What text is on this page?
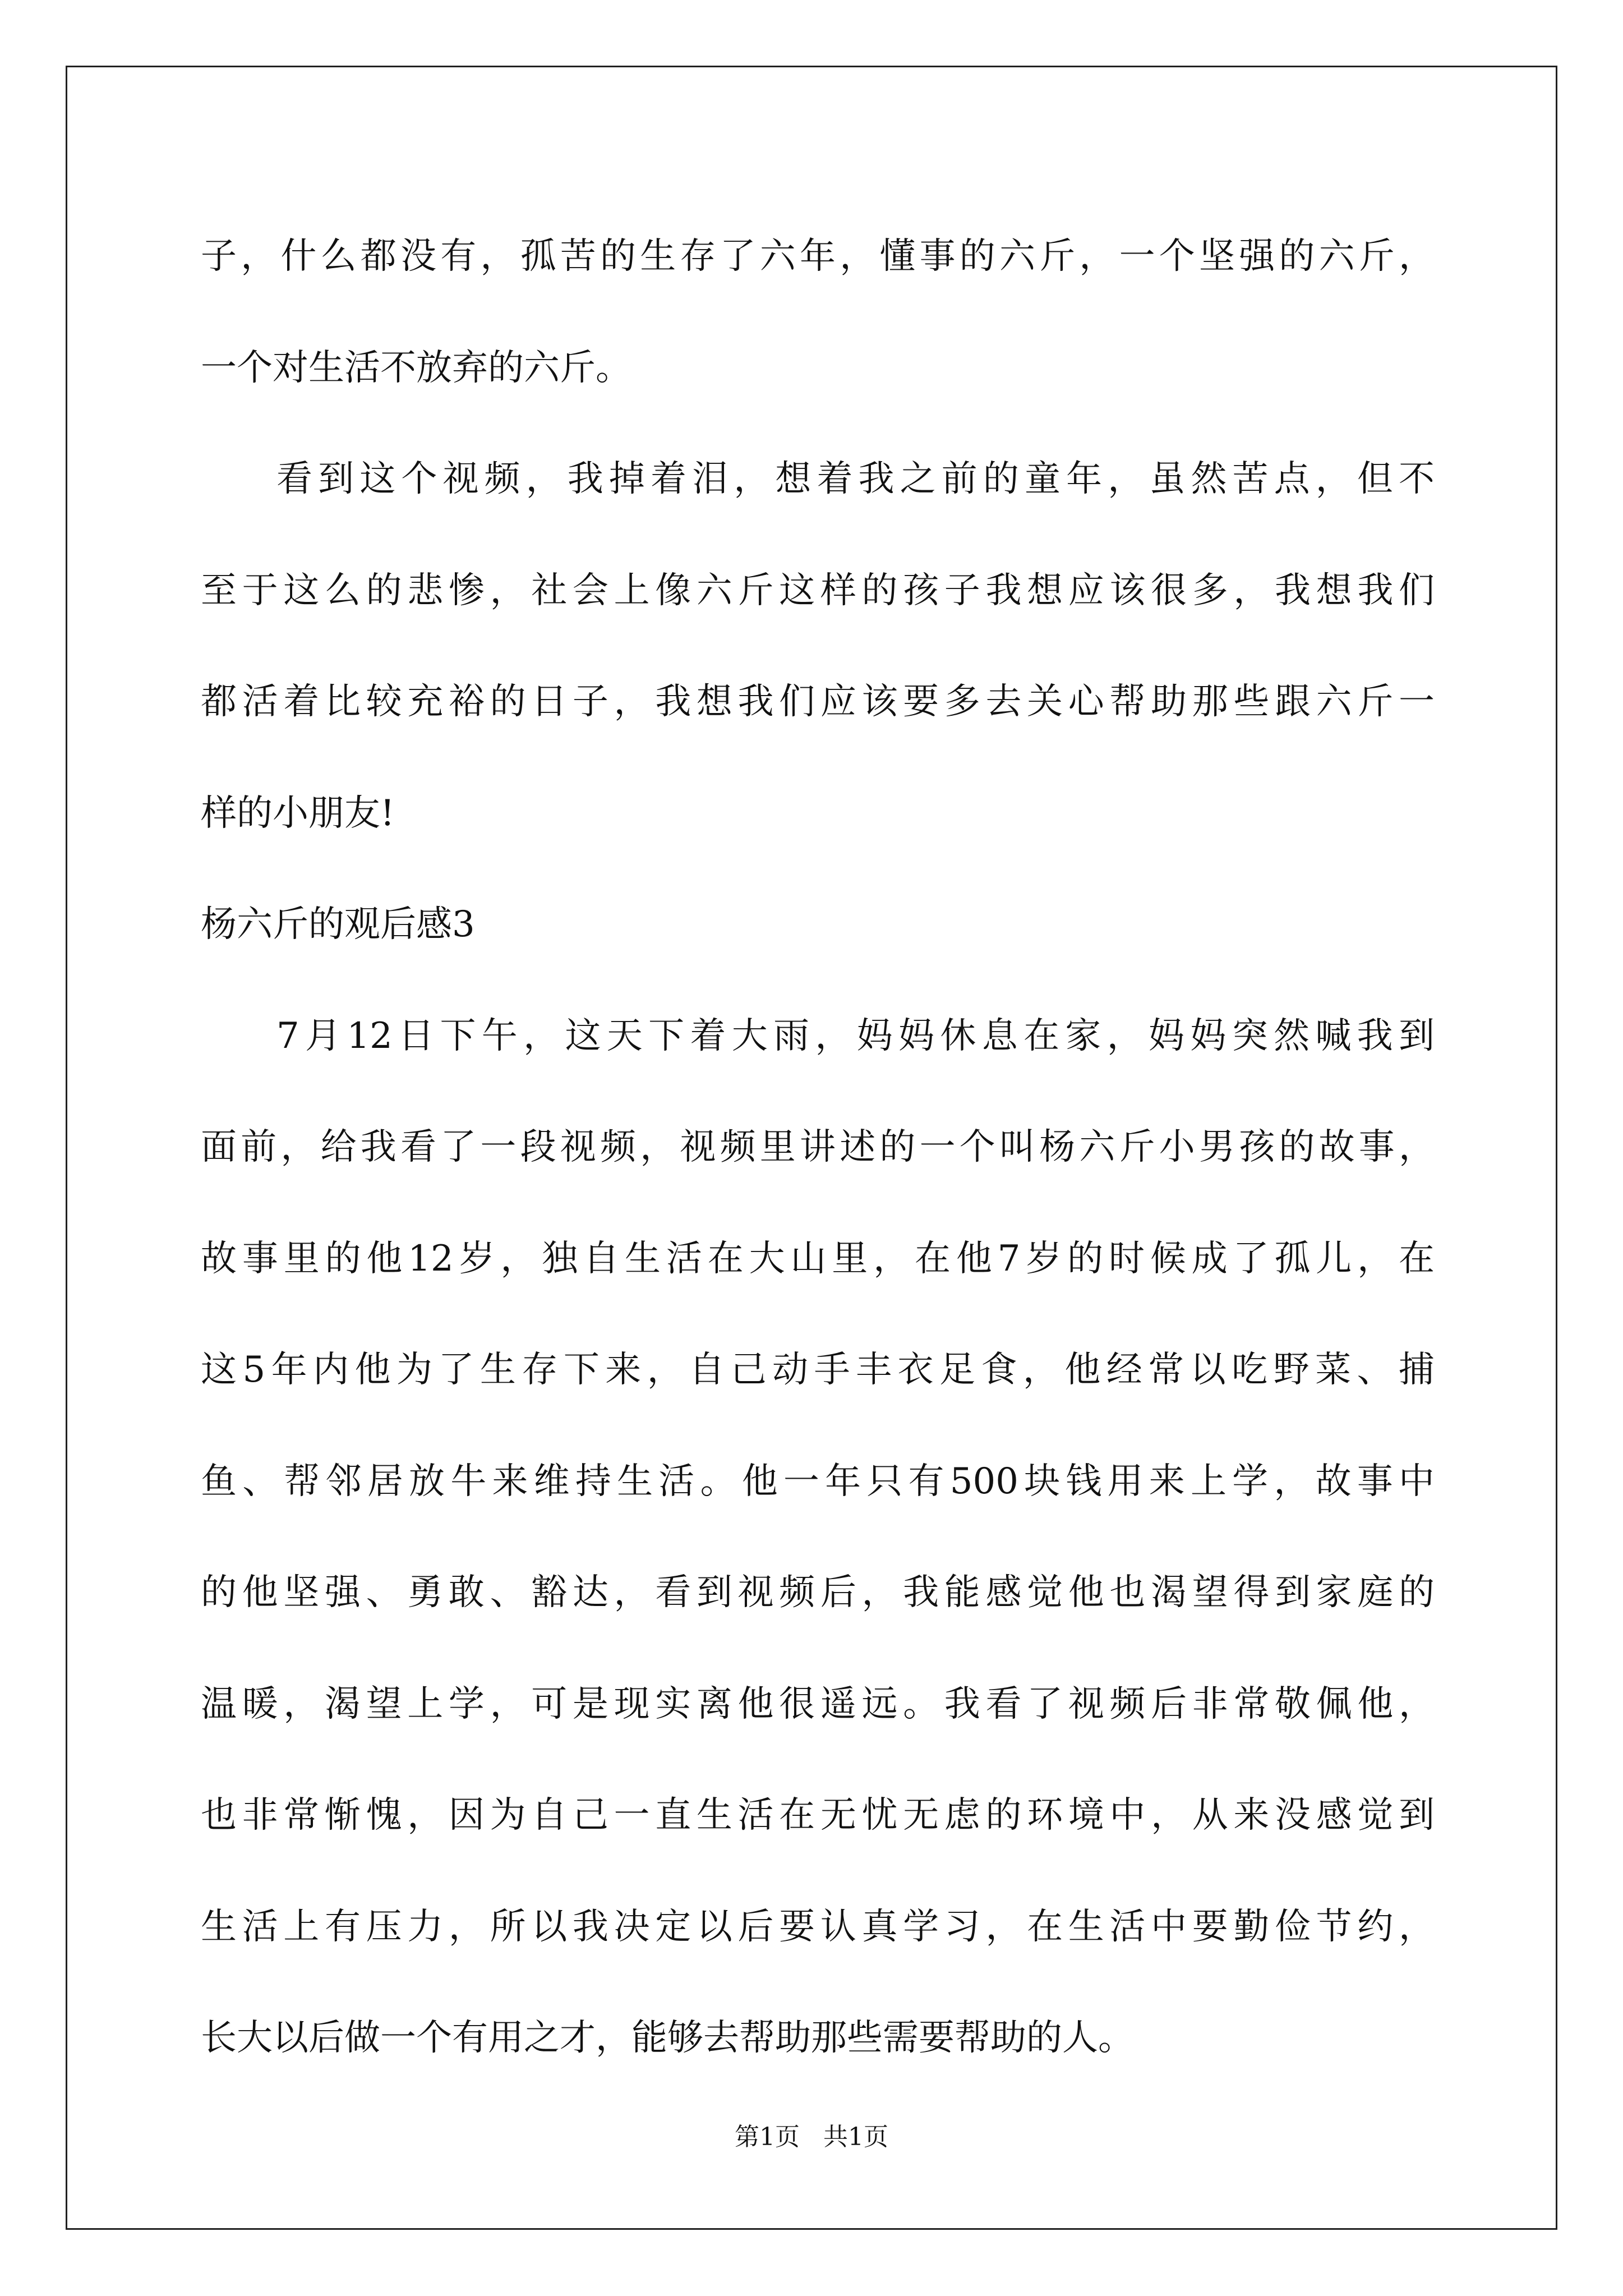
子，什么都没有，孤苦的生存了六年，懂事的六斤，一个坚强的六斤，
一个对生活不放弃的六斤。
看到这个视频，我掉着泪，想着我之前的童年，虽然苦点，但不
至于这么的悲惨，社会上像六斤这样的孩子我想应该很多，我想我们
都活着比较充裕的日子，我想我们应该要多去关心帮助那些跟六斤一
样的小朋友!
杨六斤的观后感3
7月12日下午，这天下着大雨，妈妈休息在家，妈妈突然喊我到
面前，给我看了一段视频，视频里讲述的一个叫杨六斤小男孩的故事，
故事里的他12岁，独自生活在大山里，在他7岁的时候成了孤儿，在
这5年内他为了生存下来，自己动手丰衣足食，他经常以吃野菜、捕
鱼、帮邻居放牛来维持生活。他一年只有500块钱用来上学，故事中
的他坚强、勇敢、豁达，看到视频后，我能感觉他也渴望得到家庭的
温暖，渴望上学，可是现实离他很遥远。我看了视频后非常敬佩他，
也非常惭愧，因为自己一直生活在无忧无虑的环境中，从来没感觉到
生活上有压力，所以我决定以后要认真学习，在生活中要勤俭节约，
长大以后做一个有用之才，能够去帮助那些需要帮助的人。
第1页   共1页
